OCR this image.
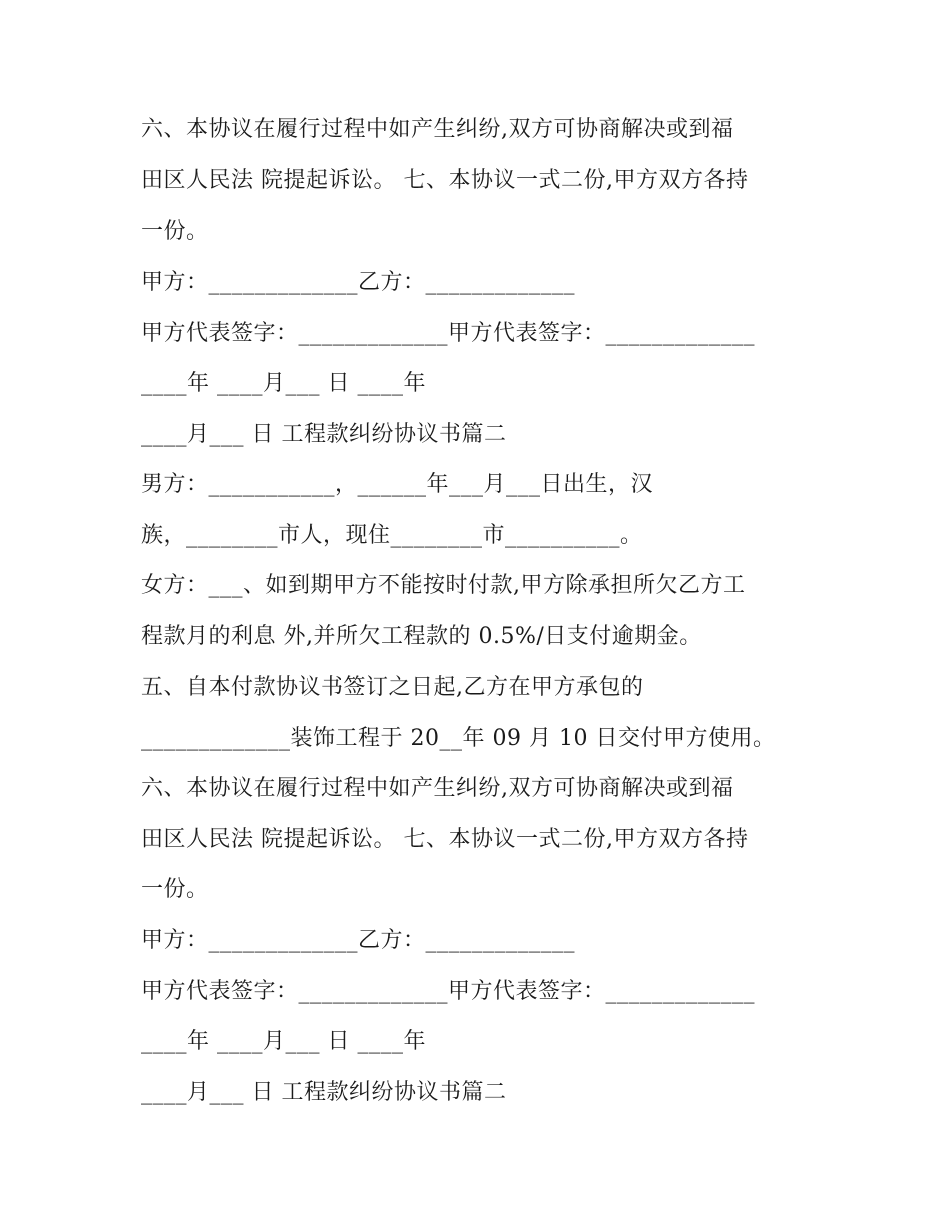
六、本协议在履行过程中如产生纠纷,双方可协商解决或到福
田区人民法 院提起诉讼。 七、本协议一式二份,甲方双方各持
一份。
甲方：_____________乙方：_____________
甲方代表签字：_____________甲方代表签字：_____________
____年 ____月___ 日 ____年
____月___ 日 工程款纠纷协议书篇二
男方：___________，______年___月___日出生，汉
族，________市人，现住________市__________。
女方：___、如到期甲方不能按时付款,甲方除承担所欠乙方工
程款月的利息 外,并所欠工程款的 0.5%/日支付逾期金。
五、自本付款协议书签订之日起,乙方在甲方承包的
_____________装饰工程于 20__年 09 月 10 日交付甲方使用。
六、本协议在履行过程中如产生纠纷,双方可协商解决或到福
田区人民法 院提起诉讼。 七、本协议一式二份,甲方双方各持
一份。
甲方：_____________乙方：_____________
甲方代表签字：_____________甲方代表签字：_____________
____年 ____月___ 日 ____年
____月___ 日 工程款纠纷协议书篇二
